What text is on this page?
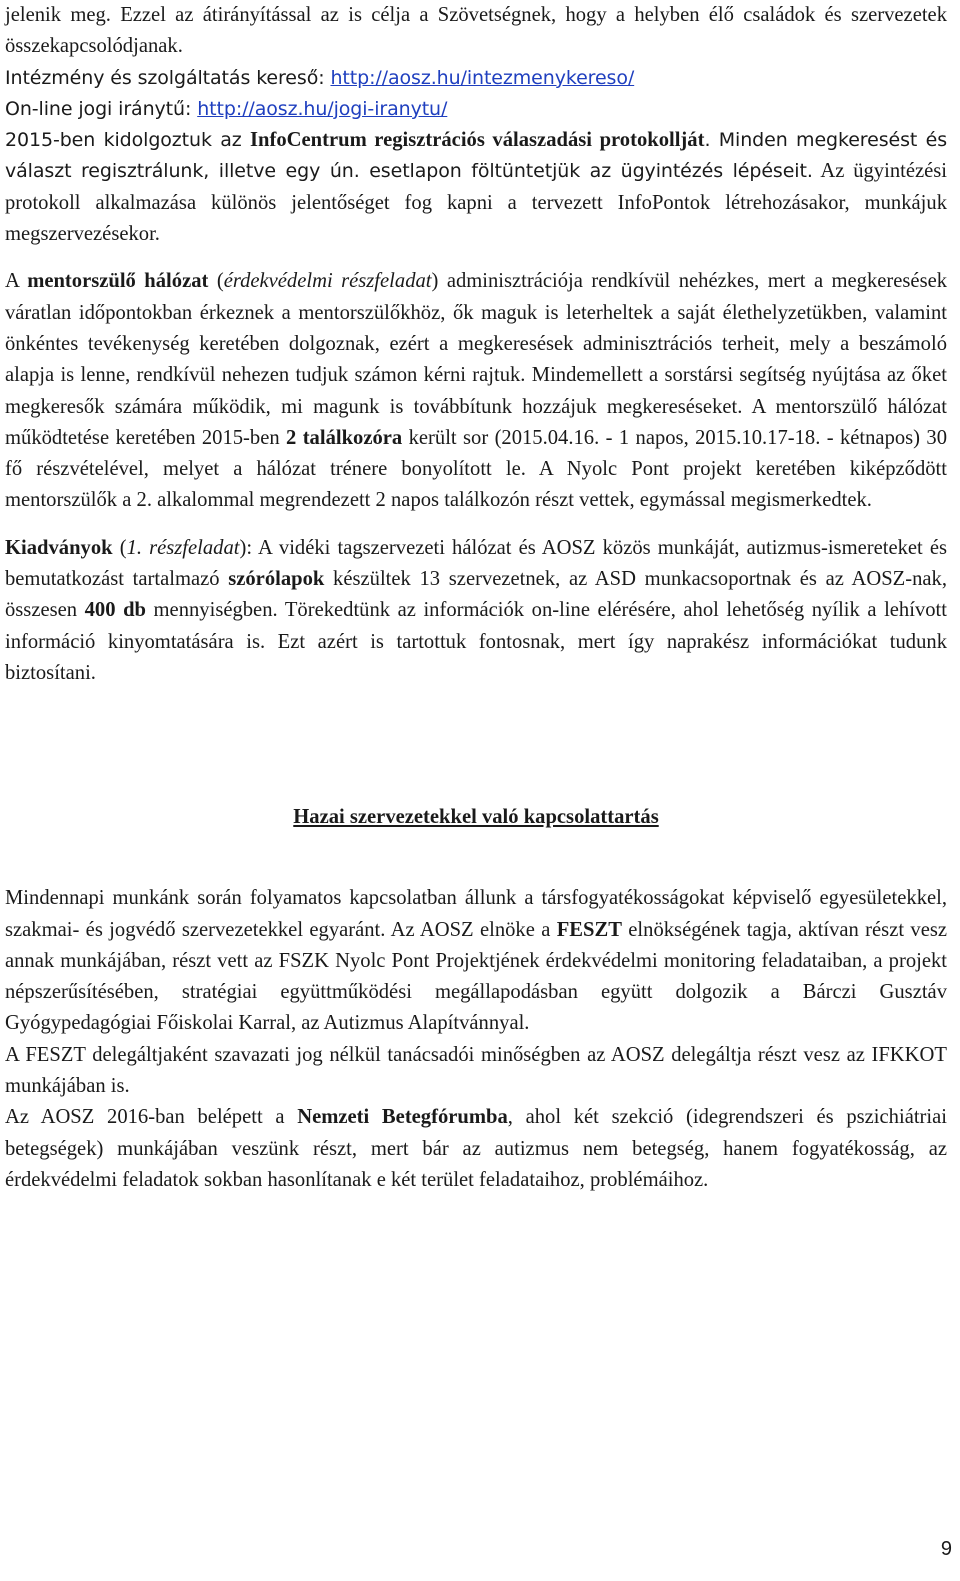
jelenik meg. Ezzel az átirányítással az is célja a Szövetségnek, hogy a helyben élő családok és szervezetek összekapcsolódjanak.
Intézmény és szolgáltatás kereső: http://aosz.hu/intezmenykereso/
On-line jogi iránytű: http://aosz.hu/jogi-iranytu/
2015-ben kidolgoztuk az InfoCentrum regisztrációs válaszadási protokollját. Minden megkeresést és választ regisztrálunk, illetve egy ún. esetlapon föltüntetjük az ügyintézés lépéseit. Az ügyintézési protokoll alkalmazása különös jelentőséget fog kapni a tervezett InfoPontok létrehozásakor, munkájuk megszervezésekor.

A mentorszülő hálózat (érdekvédelmi részfeladat) adminisztrációja rendkívül nehézkes, mert a megkeresések váratlan időpontokban érkeznek a mentorszülőkhöz, ők maguk is leterheltek a saját élethelyzetükben, valamint önkéntes tevékenység keretében dolgoznak, ezért a megkeresések adminisztrációs terheit, mely a beszámoló alapja is lenne, rendkívül nehezen tudjuk számon kérni rajtuk. Mindemellett a sorstársi segítség nyújtása az őket megkeresők számára működik, mi magunk is továbbítunk hozzájuk megkereséseket. A mentorszülő hálózat működtetése keretében 2015-ben 2 találkozóra került sor (2015.04.16. - 1 napos, 2015.10.17-18. - kétnapos) 30 fő részvételével, melyet a hálózat trénere bonyolított le. A Nyolc Pont projekt keretében kiképződött mentorszülők a 2. alkalommal megrendezett 2 napos találkozón részt vettek, egymással megismerkedtek.

Kiadványok (1. részfeladat): A vidéki tagszervezeti hálózat és AOSZ közös munkáját, autizmus-ismereteket és bemutatkozást tartalmazó szórólapok készültek 13 szervezetnek, az ASD munkacsoportnak és az AOSZ-nak, összesen 400 db mennyiségben. Törekedtünk az információk on-line elérésére, ahol lehetőség nyílik a lehívott információ kinyomtatására is. Ezt azért is tartottuk fontosnak, mert így naprakész információkat tudunk biztosítani.

Hazai szervezetekkel való kapcsolattartás

Mindennapi munkánk során folyamatos kapcsolatban állunk a társfogyatékosságokat képviselő egyesületekkel, szakmai- és jogvédő szervezetekkel egyaránt. Az AOSZ elnöke a FESZT elnökségének tagja, aktívan részt vesz annak munkájában, részt vett az FSZK Nyolc Pont Projektjének érdekvédelmi monitoring feladataiban, a projekt népszerűsítésében, stratégiai együttműködési megállapodásban együtt dolgozik a Bárczi Gusztáv Gyógypedagógiai Főiskolai Karral, az Autizmus Alapítvánnyal.

A FESZT delegáltjaként szavazati jog nélkül tanácsadói minőségben az AOSZ delegáltja részt vesz az IFKKOT munkájában is.

Az AOSZ 2016-ban belépett a Nemzeti Betegfórumba, ahol két szekció (idegrendszeri és pszichiátriai betegségek) munkájában veszünk részt, mert bár az autizmus nem betegség, hanem fogyatékosság, az érdekvédelmi feladatok sokban hasonlítanak e két terület feladataihoz, problémáihoz.

9
